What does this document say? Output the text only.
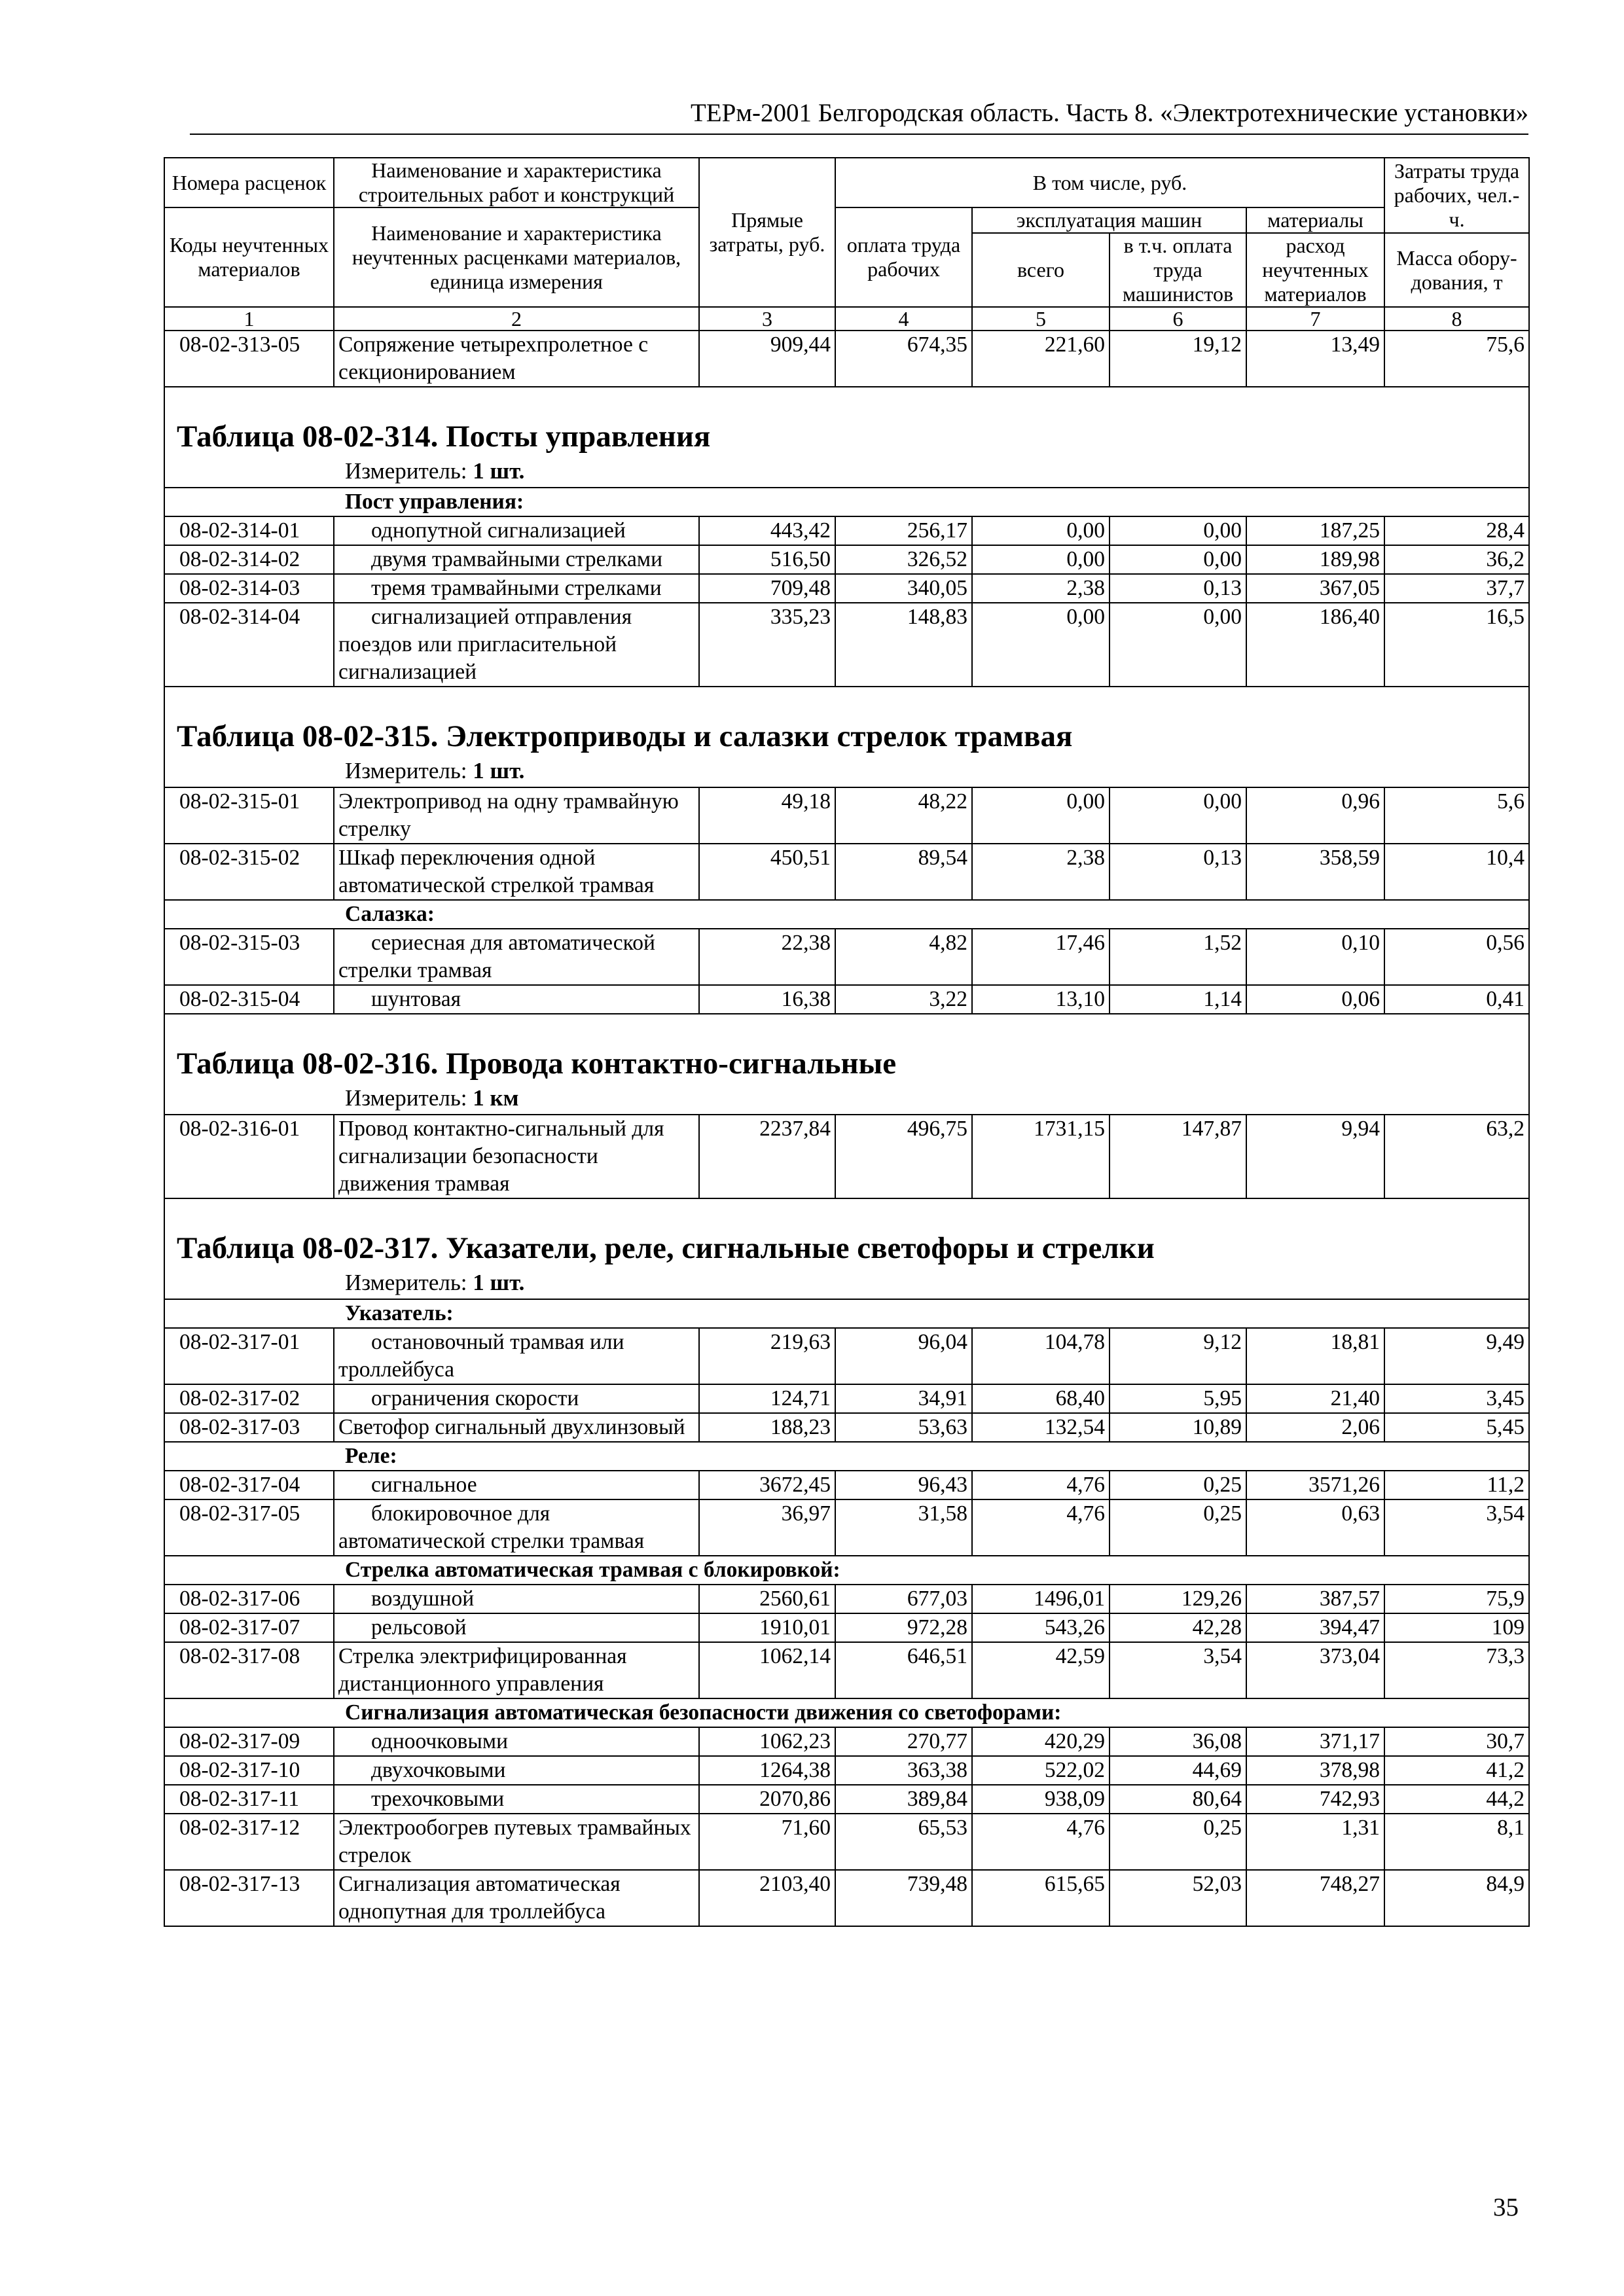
ТЕРм-2001 Белгородская область. Часть 8. «Электротехнические установки»
Номера расценок	Наименование и характеристика строительных работ и конструкций	Прямые затраты, руб.	В том числе, руб.				Затраты труда рабочих, чел.-ч.
Коды неучтенных материалов	Наименование и характеристика неучтенных расценками материалов, единица измерения		оплата труда рабочих	эксплуатация машин		материалы	
				всего	в т.ч. оплата труда машинистов	расход неучтенных материалов	
							Масса обору-дования, т
1	2	3	4	5	6	7	8
08-02-313-05	Сопряжение четырехпролетное с секционированием	909,44	674,35	221,60	19,12	13,49	75,6

Таблица 08-02-314. Посты управления							

Измеритель: 1 шт.							

Пост управления:							
08-02-314-01	однопутной сигнализацией	443,42	256,17	0,00	0,00	187,25	28,4
08-02-314-02	двумя трамвайными стрелками	516,50	326,52	0,00	0,00	189,98	36,2
08-02-314-03	тремя трамвайными стрелками	709,48	340,05	2,38	0,13	367,05	37,7
08-02-314-04	сигнализацией отправления поездов или пригласительной сигнализацией	335,23	148,83	0,00	0,00	186,40	16,5

Таблица 08-02-315. Электроприводы и салазки стрелок трамвая							

Измеритель: 1 шт.							

08-02-315-01	Электропривод на одну трамвайную стрелку	49,18	48,22	0,00	0,00	0,96	5,6
08-02-315-02	Шкаф переключения одной автоматической стрелкой трамвая	450,51	89,54	2,38	0,13	358,59	10,4
Салазка:							
08-02-315-03	сериесная для автоматической стрелки трамвая	22,38	4,82	17,46	1,52	0,10	0,56
08-02-315-04	шунтовая	16,38	3,22	13,10	1,14	0,06	0,41

Таблица 08-02-316. Провода контактно-сигнальные							

Измеритель: 1 км							

08-02-316-01	Провод контактно-сигнальный для сигнализации безопасности движения трамвая	2237,84	496,75	1731,15	147,87	9,94	63,2

Таблица 08-02-317. Указатели, реле, сигнальные светофоры и стрелки							

Измеритель: 1 шт.							

Указатель:							
08-02-317-01	остановочный трамвая или троллейбуса	219,63	96,04	104,78	9,12	18,81	9,49
08-02-317-02	ограничения скорости	124,71	34,91	68,40	5,95	21,40	3,45
08-02-317-03	Светофор сигнальный двухлинзовый	188,23	53,63	132,54	10,89	2,06	5,45
Реле:							
08-02-317-04	сигнальное	3672,45	96,43	4,76	0,25	3571,26	11,2
08-02-317-05	блокировочное для автоматической стрелки трамвая	36,97	31,58	4,76	0,25	0,63	3,54
Стрелка автоматическая трамвая с блокировкой:							
08-02-317-06	воздушной	2560,61	677,03	1496,01	129,26	387,57	75,9
08-02-317-07	рельсовой	1910,01	972,28	543,26	42,28	394,47	109
08-02-317-08	Стрелка электрифицированная дистанционного управления	1062,14	646,51	42,59	3,54	373,04	73,3
Сигнализация автоматическая безопасности движения со светофорами:							
08-02-317-09	одноочковыми	1062,23	270,77	420,29	36,08	371,17	30,7
08-02-317-10	двухочковыми	1264,38	363,38	522,02	44,69	378,98	41,2
08-02-317-11	трехочковыми	2070,86	389,84	938,09	80,64	742,93	44,2
08-02-317-12	Электрообогрев путевых трамвайных стрелок	71,60	65,53	4,76	0,25	1,31	8,1
08-02-317-13	Сигнализация автоматическая однопутная для троллейбуса	2103,40	739,48	615,65	52,03	748,27	84,9
35
